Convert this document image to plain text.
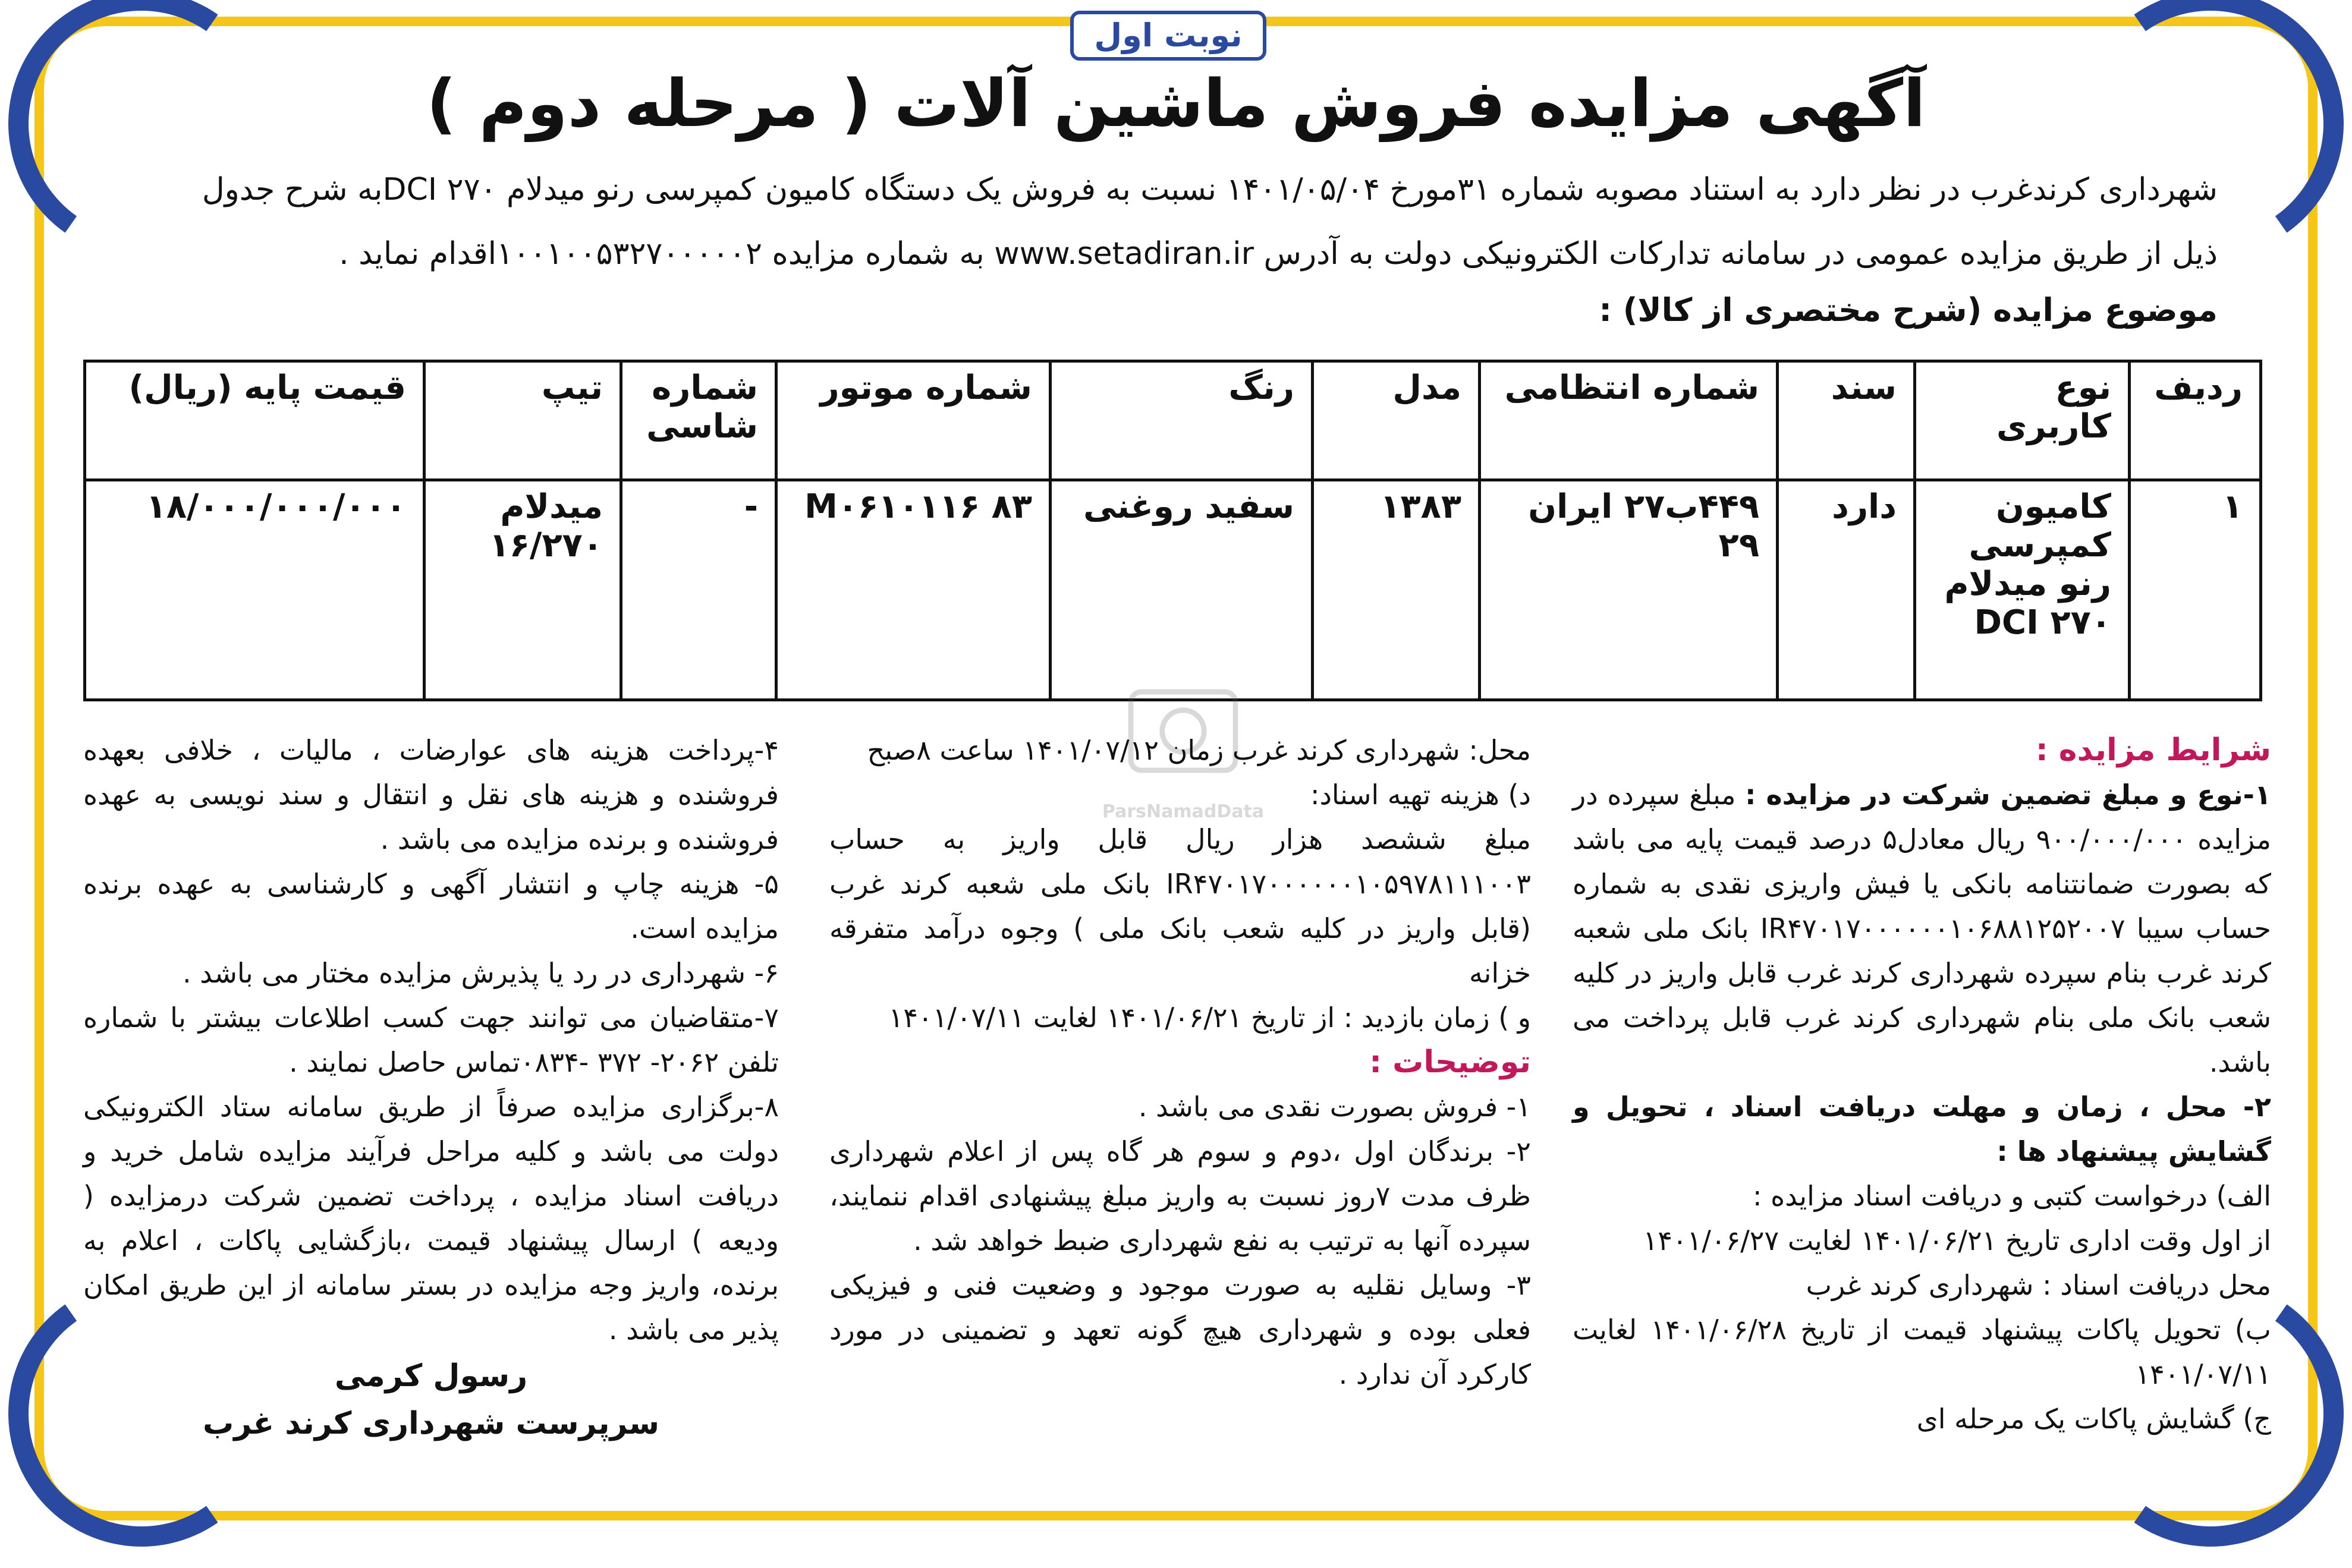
نوبت اول
آگهی مزایده فروش ماشین آلات ( مرحله دوم )

شهرداری کرندغرب در نظر دارد به استناد مصوبه شماره ۳۱مورخ ۱۴۰۱/۰۵/۰۴ نسبت به فروش یک دستگاه کامیون کمپرسی رنو میدلام DCI ۲۷۰به شرح جدول

ذیل از طریق مزایده عمومی در سامانه تدارکات الکترونیکی دولت به آدرس www.setadiran.ir به شماره مزایده ۱۰۰۱۰۰۵۳۲۷۰۰۰۰۰۲اقدام نماید .

موضوع مزایده (شرح مختصری از کالا) :
ردیف	نوع کاربری	سند	شماره انتظامی	مدل	رنگ	شماره موتور	شماره شاسی	تیپ	قیمت پایه (ریال)
۱	کامیون کمپرسی رنو میدلام DCI ۲۷۰	دارد	۴۴۹ب۲۷ ایران ۲۹	۱۳۸۳	سفید روغنی	۸۳ M۰۶۱۰۱۱۶	-	میدلام ۱۶/۲۷۰	۱۸/۰۰۰/۰۰۰/۰۰۰
ParsNamadData

شرایط مزایده :

۱-نوع و مبلغ تضمین شرکت در مزایده : مبلغ سپرده در مزایده ۹۰۰/۰۰۰/۰۰۰ ریال معادل۵ درصد قیمت پایه می باشد که بصورت ضمانتنامه بانکی یا فیش واریزی نقدی به شماره حساب سیبا IR۴۷۰۱۷۰۰۰۰۰۰۱۰۶۸۸۱۲۵۲۰۰۷ بانک ملی شعبه کرند غرب بنام سپرده شهرداری کرند غرب قابل واریز در کلیه شعب بانک ملی بنام شهرداری کرند غرب قابل پرداخت می باشد.

۲- محل ، زمان و مهلت دریافت اسناد ، تحویل و گشایش پیشنهاد ها :

الف) درخواست کتبی و دریافت اسناد مزایده :

از اول وقت اداری تاریخ ۱۴۰۱/۰۶/۲۱ لغایت ۱۴۰۱/۰۶/۲۷

محل دریافت اسناد : شهرداری کرند غرب

ب) تحویل پاکات پیشنهاد قیمت از تاریخ ۱۴۰۱/۰۶/۲۸ لغایت ۱۴۰۱/۰۷/۱۱

ج) گشایش پاکات یک مرحله ای

محل: شهرداری کرند غرب زمان ۱۴۰۱/۰۷/۱۲ ساعت ۸صبح

د) هزینه تهیه اسناد:

مبلغ ششصد هزار ریال قابل واریز به حساب IR۴۷۰۱۷۰۰۰۰۰۰۱۰۵۹۷۸۱۱۱۰۰۳ بانک ملی شعبه کرند غرب (قابل واریز در کلیه شعب بانک ملی ) وجوه درآمد متفرقه خزانه

و ) زمان بازدید : از تاریخ ۱۴۰۱/۰۶/۲۱ لغایت ۱۴۰۱/۰۷/۱۱

توضیحات :

۱- فروش بصورت نقدی می باشد .

۲- برندگان اول ،دوم و سوم هر گاه پس از اعلام شهرداری ظرف مدت ۷روز نسبت به واریز مبلغ پیشنهادی اقدام ننمایند، سپرده آنها به ترتیب به نفع شهرداری ضبط خواهد شد .

۳- وسایل نقلیه به صورت موجود و وضعیت فنی و فیزیکی فعلی بوده و شهرداری هیچ گونه تعهد و تضمینی در مورد کارکرد آن ندارد .

۴-پرداخت هزینه های عوارضات ، مالیات ، خلافی بعهده فروشنده و هزینه های نقل و انتقال و سند نویسی به عهده فروشنده و برنده مزایده می باشد .

۵- هزینه چاپ و انتشار آگهی و کارشناسی به عهده برنده مزایده است.

۶- شهرداری در رد یا پذیرش مزایده مختار می باشد .

۷-متقاضیان می توانند جهت کسب اطلاعات بیشتر با شماره تلفن ۲۰۶۲- ۳۷۲ -۰۸۳۴تماس حاصل نمایند .

۸-برگزاری مزایده صرفاً از طریق سامانه ستاد الکترونیکی دولت می باشد و کلیه مراحل فرآیند مزایده شامل خرید و دریافت اسناد مزایده ، پرداخت تضمین شرکت درمزایده ( ودیعه ) ارسال پیشنهاد قیمت ،بازگشایی پاکات ، اعلام به برنده، واریز وجه مزایده در بستر سامانه از این طریق امکان پذیر می باشد .

رسول کرمی

سرپرست شهرداری کرند غرب
